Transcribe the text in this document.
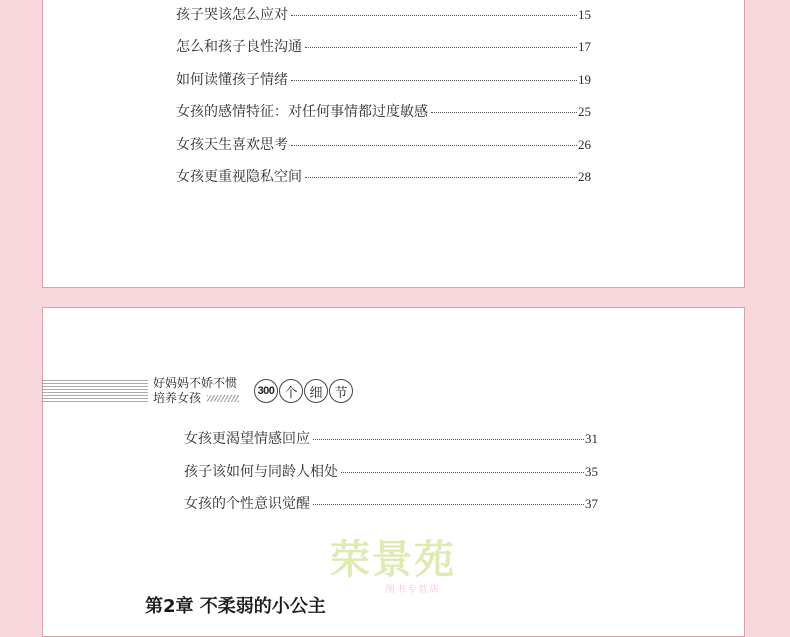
孩子哭该怎么应对	15
怎么和孩子良性沟通	17
如何读懂孩子情绪	19
女孩的感情特征：对任何事情都过度敏感	25
女孩天生喜欢思考	26
女孩更重视隐私空间	28
好妈妈不娇不惯
培养女孩	300 个 细 节
女孩更渴望情感回应	31
孩子该如何与同龄人相处	35
女孩的个性意识觉醒	37
荣景苑
图书专营店
第2章 不柔弱的小公主
